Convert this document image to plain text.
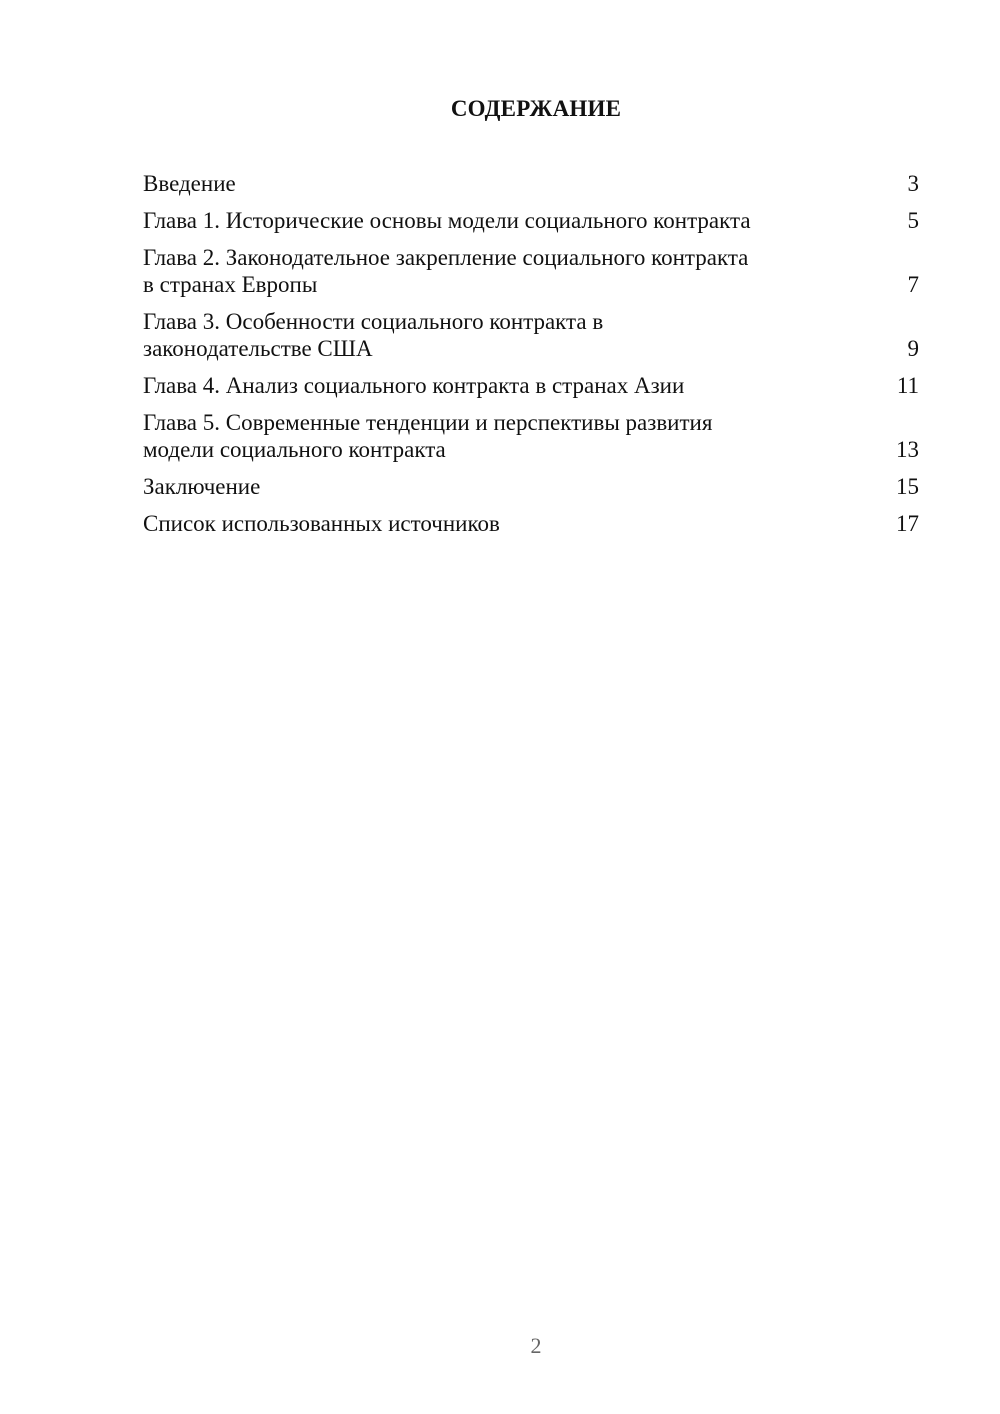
СОДЕРЖАНИЕ
Введение	3
Глава 1. Исторические основы модели социального контракта	5
Глава 2. Законодательное закрепление социального контракта
в странах Европы	7
Глава 3. Особенности социального контракта в
законодательстве США	9
Глава 4. Анализ социального контракта в странах Азии	11
Глава 5. Современные тенденции и перспективы развития
модели социального контракта	13
Заключение	15
Список использованных источников	17
2
